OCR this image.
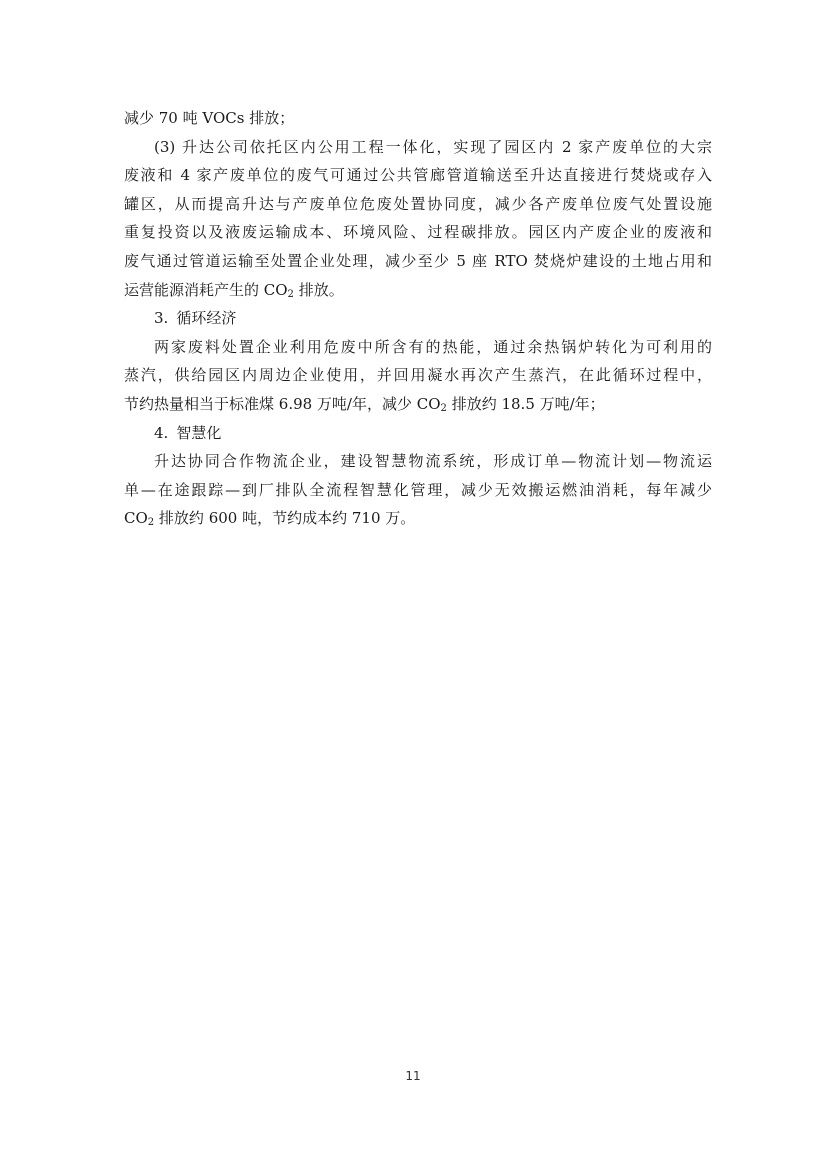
减少 70 吨 VOCs 排放；
(3) 升达公司依托区内公用工程一体化，实现了园区内 2 家产废单位的大宗
废液和 4 家产废单位的废气可通过公共管廊管道输送至升达直接进行焚烧或存入
罐区，从而提高升达与产废单位危废处置协同度，减少各产废单位废气处置设施
重复投资以及液废运输成本、环境风险、过程碳排放。园区内产废企业的废液和
废气通过管道运输至处置企业处理，减少至少 5 座 RTO 焚烧炉建设的土地占用和
运营能源消耗产生的 $CO_2$ 排放。
3. 循环经济
两家废料处置企业利用危废中所含有的热能，通过余热锅炉转化为可利用的
蒸汽，供给园区内周边企业使用，并回用凝水再次产生蒸汽，在此循环过程中，
节约热量相当于标准煤 6.98 万吨/年，减少 $CO_2$ 排放约 18.5 万吨/年；
4. 智慧化
升达协同合作物流企业，建设智慧物流系统，形成订单—物流计划—物流运
单—在途跟踪—到厂排队全流程智慧化管理，减少无效搬运燃油消耗，每年减少
$CO_2$ 排放约 600 吨，节约成本约 710 万。
11
